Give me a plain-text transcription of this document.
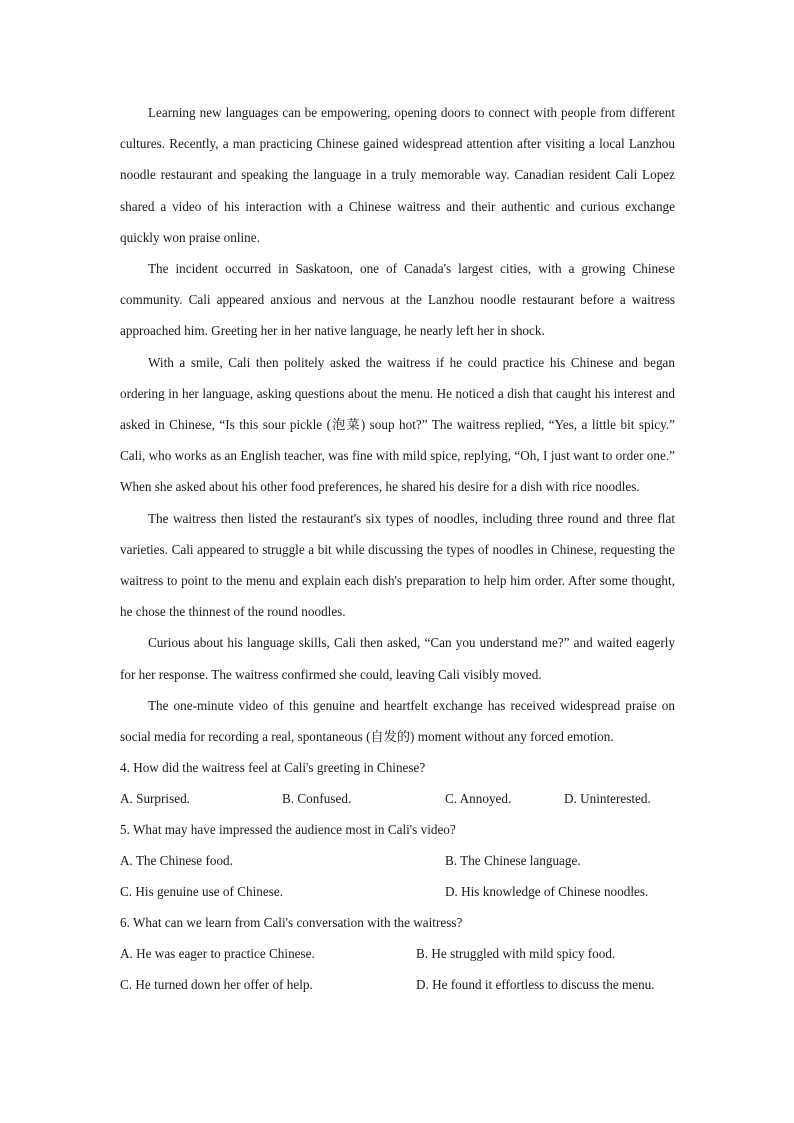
Learning new languages can be empowering, opening doors to connect with people from different cultures. Recently, a man practicing Chinese gained widespread attention after visiting a local Lanzhou noodle restaurant and speaking the language in a truly memorable way. Canadian resident Cali Lopez shared a video of his interaction with a Chinese waitress and their authentic and curious exchange quickly won praise online.

The incident occurred in Saskatoon, one of Canada's largest cities, with a growing Chinese community. Cali appeared anxious and nervous at the Lanzhou noodle restaurant before a waitress approached him. Greeting her in her native language, he nearly left her in shock.

With a smile, Cali then politely asked the waitress if he could practice his Chinese and began ordering in her language, asking questions about the menu. He noticed a dish that caught his interest and asked in Chinese, “Is this sour pickle (泡菜) soup hot?” The waitress replied, “Yes, a little bit spicy.” Cali, who works as an English teacher, was fine with mild spice, replying, “Oh, I just want to order one.” When she asked about his other food preferences, he shared his desire for a dish with rice noodles.

The waitress then listed the restaurant's six types of noodles, including three round and three flat varieties. Cali appeared to struggle a bit while discussing the types of noodles in Chinese, requesting the waitress to point to the menu and explain each dish's preparation to help him order. After some thought, he chose the thinnest of the round noodles.

Curious about his language skills, Cali then asked, “Can you understand me?” and waited eagerly for her response. The waitress confirmed she could, leaving Cali visibly moved.

The one-minute video of this genuine and heartfelt exchange has received widespread praise on social media for recording a real, spontaneous (自发的) moment without any forced emotion.

4. How did the waitress feel at Cali's greeting in Chinese?

A. Surprised.	B. Confused.	C. Annoyed.	D. Uninterested.

5. What may have impressed the audience most in Cali's video?

A. The Chinese food.	B. The Chinese language.
C. His genuine use of Chinese.	D. His knowledge of Chinese noodles.

6. What can we learn from Cali's conversation with the waitress?

A. He was eager to practice Chinese.	B. He struggled with mild spicy food.
C. He turned down her offer of help.	D. He found it effortless to discuss the menu.
